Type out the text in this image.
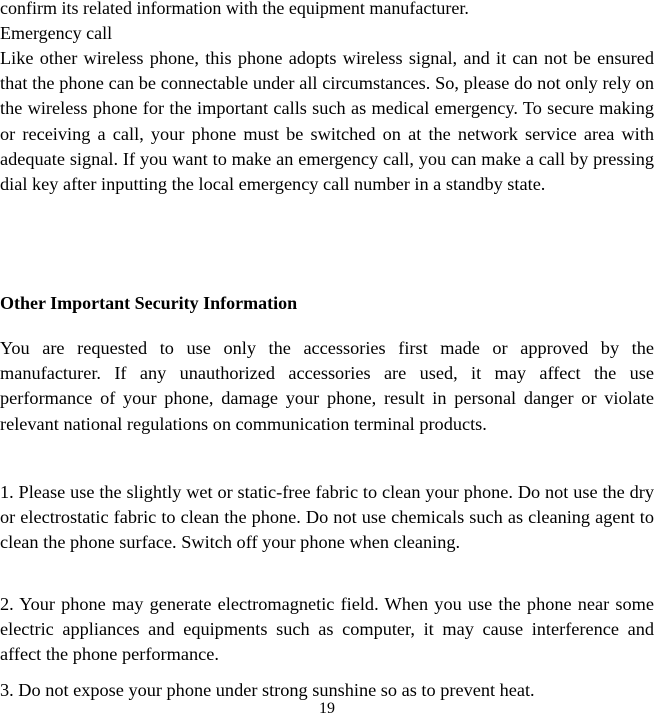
confirm its related information with the equipment manufacturer.

Emergency call

Like other wireless phone, this phone adopts wireless signal, and it can not be ensured that the phone can be connectable under all circumstances. So, please do not only rely on the wireless phone for the important calls such as medical emergency. To secure making or receiving a call, your phone must be switched on at the network service area with adequate signal. If you want to make an emergency call, you can make a call by pressing dial key after inputting the local emergency call number in a standby state.

Other Important Security Information

You are requested to use only the accessories first made or approved by the manufacturer. If any unauthorized accessories are used, it may affect the use performance of your phone, damage your phone, result in personal danger or violate relevant national regulations on communication terminal products.

1. Please use the slightly wet or static-free fabric to clean your phone. Do not use the dry or electrostatic fabric to clean the phone. Do not use chemicals such as cleaning agent to clean the phone surface. Switch off your phone when cleaning.

2. Your phone may generate electromagnetic field. When you use the phone near some electric appliances and equipments such as computer, it may cause interference and affect the phone performance.

3. Do not expose your phone under strong sunshine so as to prevent heat.

19
